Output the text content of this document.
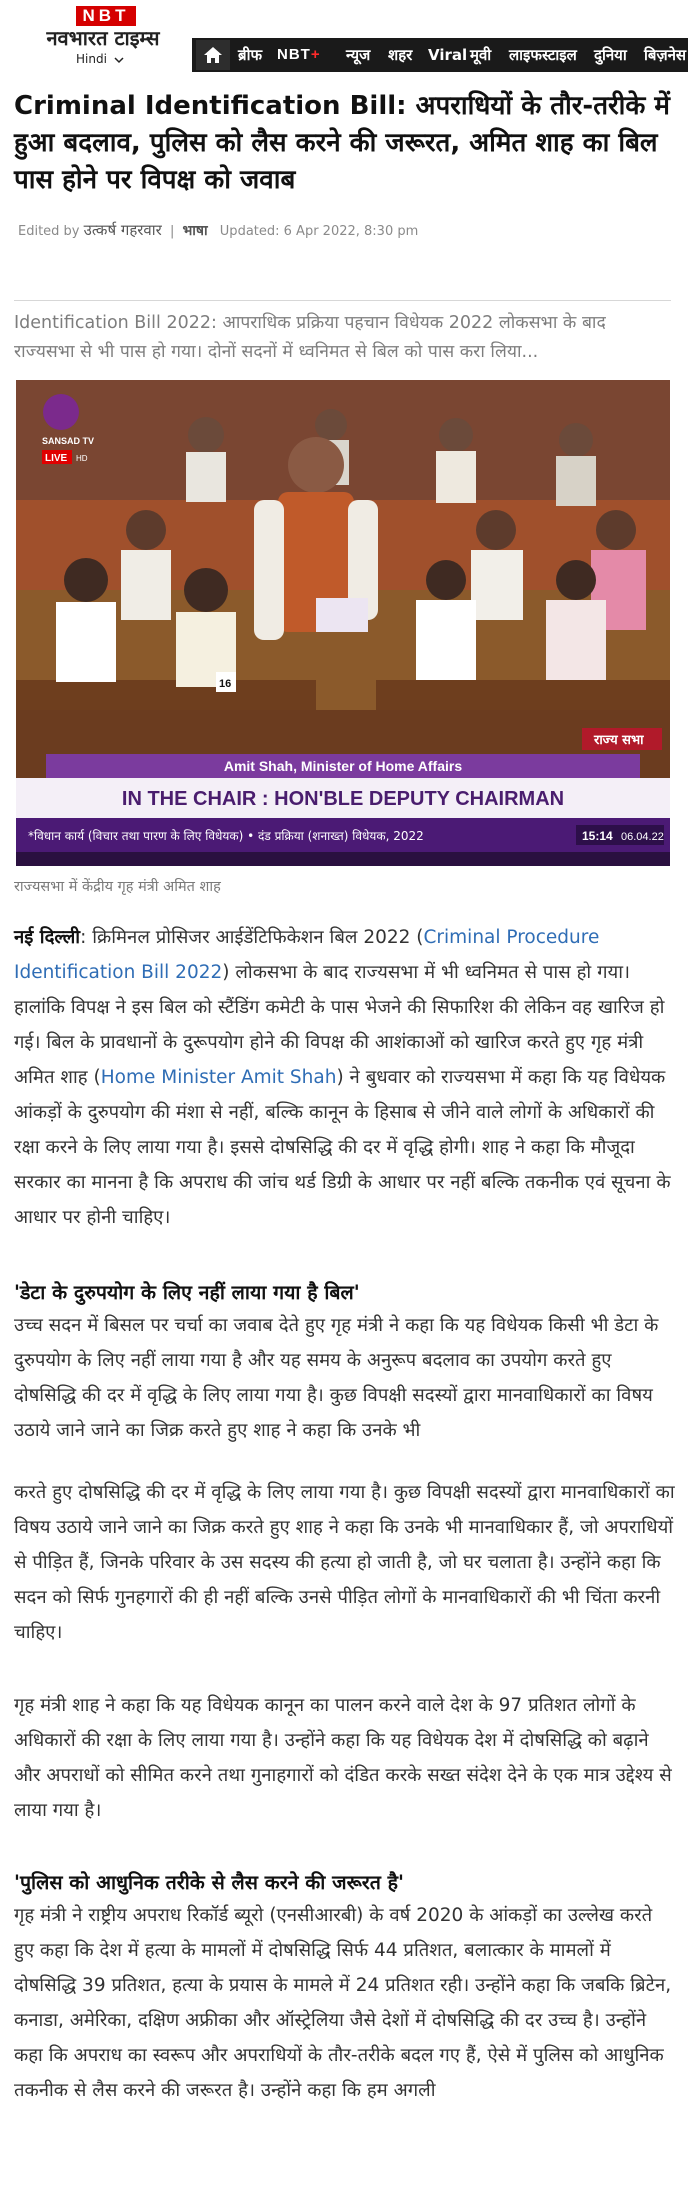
NBT
नवभारत टाइम्स
Hindi	ब्रीफ NBT+ न्यूज शहर Viral मूवी लाइफस्टाइल दुनिया बिज़नेस
Criminal Identification Bill: अपराधियों के तौर-तरीके में हुआ बदलाव, पुलिस को लैस करने की जरूरत, अमित शाह का बिल पास होने पर विपक्ष को जवाब
Edited by उत्कर्ष गहरवार | भाषा Updated: 6 Apr 2022, 8:30 pm

Identification Bill 2022: आपराधिक प्रक्रिया पहचान विधेयक 2022 लोकसभा के बाद राज्यसभा से भी पास हो गया। दोनों सदनों में ध्वनिमत से बिल को पास करा लिया...

16
SANSAD TV
LIVE HD
राज्य सभा
Amit Shah, Minister of Home Affairs
IN THE CHAIR : HON'BLE DEPUTY CHAIRMAN
*विधान कार्य (विचार तथा पारण के लिए विधेयक) • दंड प्रक्रिया (शनाख्त) विधेयक, 2022	15:14 06.04.22
राज्यसभा में केंद्रीय गृह मंत्री अमित शाह

नई दिल्ली: क्रिमिनल प्रोसिजर आईडेंटिफिकेशन बिल 2022 (Criminal Procedure Identification Bill 2022) लोकसभा के बाद राज्यसभा में भी ध्वनिमत से पास हो गया। हालांकि विपक्ष ने इस बिल को स्टैंडिंग कमेटी के पास भेजने की सिफारिश की लेकिन वह खारिज हो गई। बिल के प्रावधानों के दुरूपयोग होने की विपक्ष की आशंकाओं को खारिज करते हुए गृह मंत्री अमित शाह (Home Minister Amit Shah) ने बुधवार को राज्यसभा में कहा कि यह विधेयक आंकड़ों के दुरुपयोग की मंशा से नहीं, बल्कि कानून के हिसाब से जीने वाले लोगों के अधिकारों की रक्षा करने के लिए लाया गया है। इससे दोषसिद्धि की दर में वृद्धि होगी। शाह ने कहा कि मौजूदा सरकार का मानना है कि अपराध की जांच थर्ड डिग्री के आधार पर नहीं बल्कि तकनीक एवं सूचना के आधार पर होनी चाहिए।

'डेटा के दुरुपयोग के लिए नहीं लाया गया है बिल'

उच्च सदन में बिसल पर चर्चा का जवाब देते हुए गृह मंत्री ने कहा कि यह विधेयक किसी भी डेटा के दुरुपयोग के लिए नहीं लाया गया है और यह समय के अनुरूप बदलाव का उपयोग करते हुए दोषसिद्धि की दर में वृद्धि के लिए लाया गया है। कुछ विपक्षी सदस्यों द्वारा मानवाधिकारों का विषय उठाये जाने जाने का जिक्र करते हुए शाह ने कहा कि उनके भी

करते हुए दोषसिद्धि की दर में वृद्धि के लिए लाया गया है। कुछ विपक्षी सदस्यों द्वारा मानवाधिकारों का विषय उठाये जाने जाने का जिक्र करते हुए शाह ने कहा कि उनके भी मानवाधिकार हैं, जो अपराधियों से पीड़ित हैं, जिनके परिवार के उस सदस्य की हत्या हो जाती है, जो घर चलाता है। उन्होंने कहा कि सदन को सिर्फ गुनहगारों की ही नहीं बल्कि उनसे पीड़ित लोगों के मानवाधिकारों की भी चिंता करनी चाहिए।

गृह मंत्री शाह ने कहा कि यह विधेयक कानून का पालन करने वाले देश के 97 प्रतिशत लोगों के अधिकारों की रक्षा के लिए लाया गया है। उन्होंने कहा कि यह विधेयक देश में दोषसिद्धि को बढ़ाने और अपराधों को सीमित करने तथा गुनाहगारों को दंडित करके सख्त संदेश देने के एक मात्र उद्देश्य से लाया गया है।

'पुलिस को आधुनिक तरीके से लैस करने की जरूरत है'

गृह मंत्री ने राष्ट्रीय अपराध रिकॉर्ड ब्यूरो (एनसीआरबी) के वर्ष 2020 के आंकड़ों का उल्लेख करते हुए कहा कि देश में हत्या के मामलों में दोषसिद्धि सिर्फ 44 प्रतिशत, बलात्कार के मामलों में दोषसिद्धि 39 प्रतिशत, हत्या के प्रयास के मामले में 24 प्रतिशत रही। उन्होंने कहा कि जबकि ब्रिटेन, कनाडा, अमेरिका, दक्षिण अफ्रीका और ऑस्ट्रेलिया जैसे देशों में दोषसिद्धि की दर उच्च है। उन्होंने कहा कि अपराध का स्वरूप और अपराधियों के तौर-तरीके बदल गए हैं, ऐसे में पुलिस को आधुनिक तकनीक से लैस करने की जरूरत है। उन्होंने कहा कि हम अगली
